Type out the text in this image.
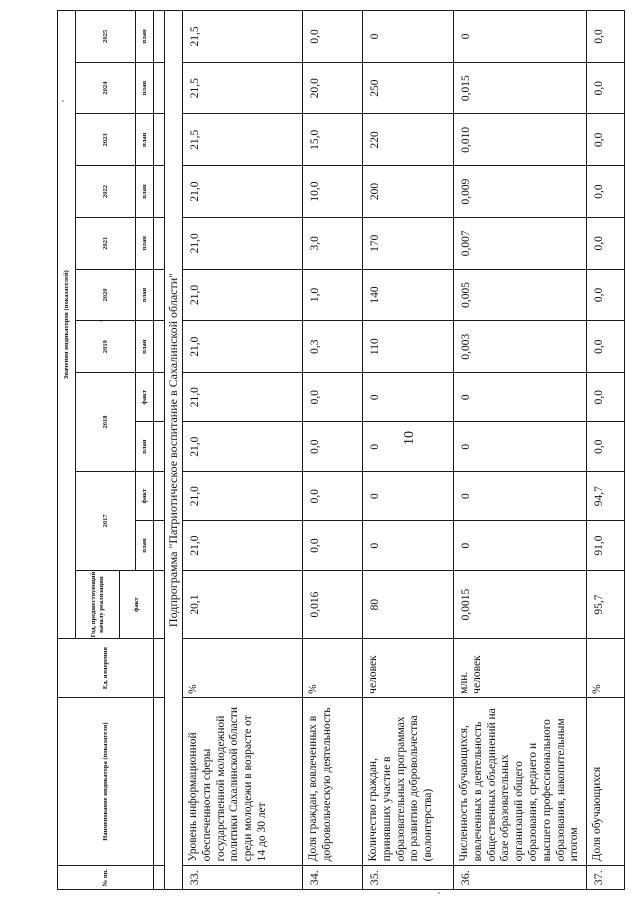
10
№ пп.	Наименование индикатора (показателя)	Ед. измерения	Значения индикаторов (показателей)											
			Год, предшествующий началу реализации	2017		2018		2019	2020	2021	2022	2023	2024	2025
			факт											
				план	факт	план	факт	план	план	план	план	план	план	план

Подпрограмма "Патриотическое воспитание в Сахалинской области"														
33.	Уровень информационной обеспеченности сферы государственной молодежной политики Сахалинской области среди молодежи в возрасте от 14 до 30 лет	%	20,1	21,0	21,0	21,0	21,0	21,0	21,0	21,0	21,0	21,5	21,5	21,5
34.	Доля граждан, вовлеченных в добровольческую деятельность	%	0,016	0,0	0,0	0,0	0,0	0,3	1,0	3,0	10,0	15,0	20,0	0,0
35.	Количество граждан, принявших участие в образовательных программах по развитию добровольчества (волонтерства)	человек	80	0	0	0	0	110	140	170	200	220	250	0
36.	Численность обучающихся, вовлеченных в деятельность общественных объединений на базе образовательных организаций общего образования, среднего и высшего профессионального образования, накопительным итогом	млн. человек	0,0015	0	0	0	0	0,003	0,005	0,007	0,009	0,010	0,015	0
37.	Доля обучающихся	%	95,7	91,0	94,7	0,0	0,0	0,0	0,0	0,0	0,0	0,0	0,0	0,0
